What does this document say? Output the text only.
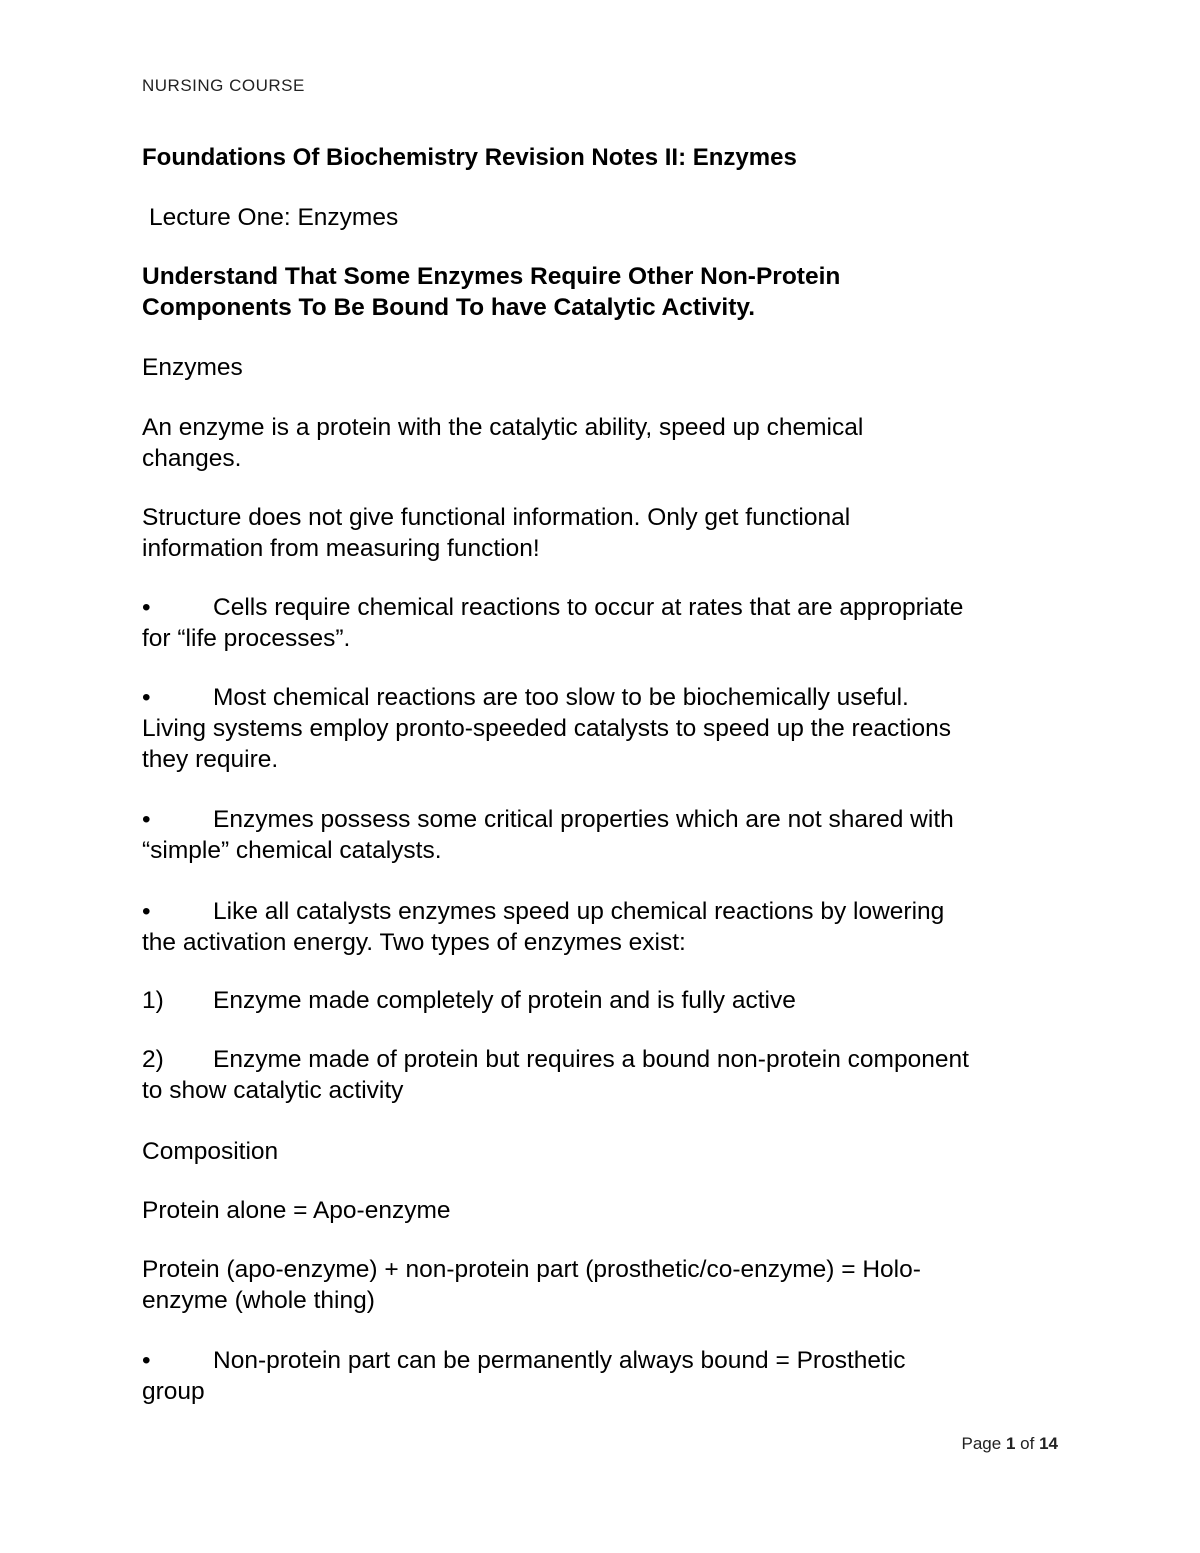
NURSING COURSE
Foundations Of Biochemistry Revision Notes II: Enzymes
Lecture One: Enzymes
Understand That Some Enzymes Require Other Non-Protein
Components To Be Bound To have Catalytic Activity.
Enzymes
An enzyme is a protein with the catalytic ability, speed up chemical
changes.
Structure does not give functional information. Only get functional
information from measuring function!
•	Cells require chemical reactions to occur at rates that are appropriate
for “life processes”.
•	Most chemical reactions are too slow to be biochemically useful.
Living systems employ pronto-speeded catalysts to speed up the reactions
they require.
•	Enzymes possess some critical properties which are not shared with
“simple” chemical catalysts.
•	Like all catalysts enzymes speed up chemical reactions by lowering
the activation energy. Two types of enzymes exist:
1) Enzyme made completely of protein and is fully active
2) Enzyme made of protein but requires a bound non-protein component
to show catalytic activity
Composition
Protein alone = Apo-enzyme
Protein (apo-enzyme) + non-protein part (prosthetic/co-enzyme) = Holo-
enzyme (whole thing)
•	Non-protein part can be permanently always bound = Prosthetic
group
Page 1 of 14
